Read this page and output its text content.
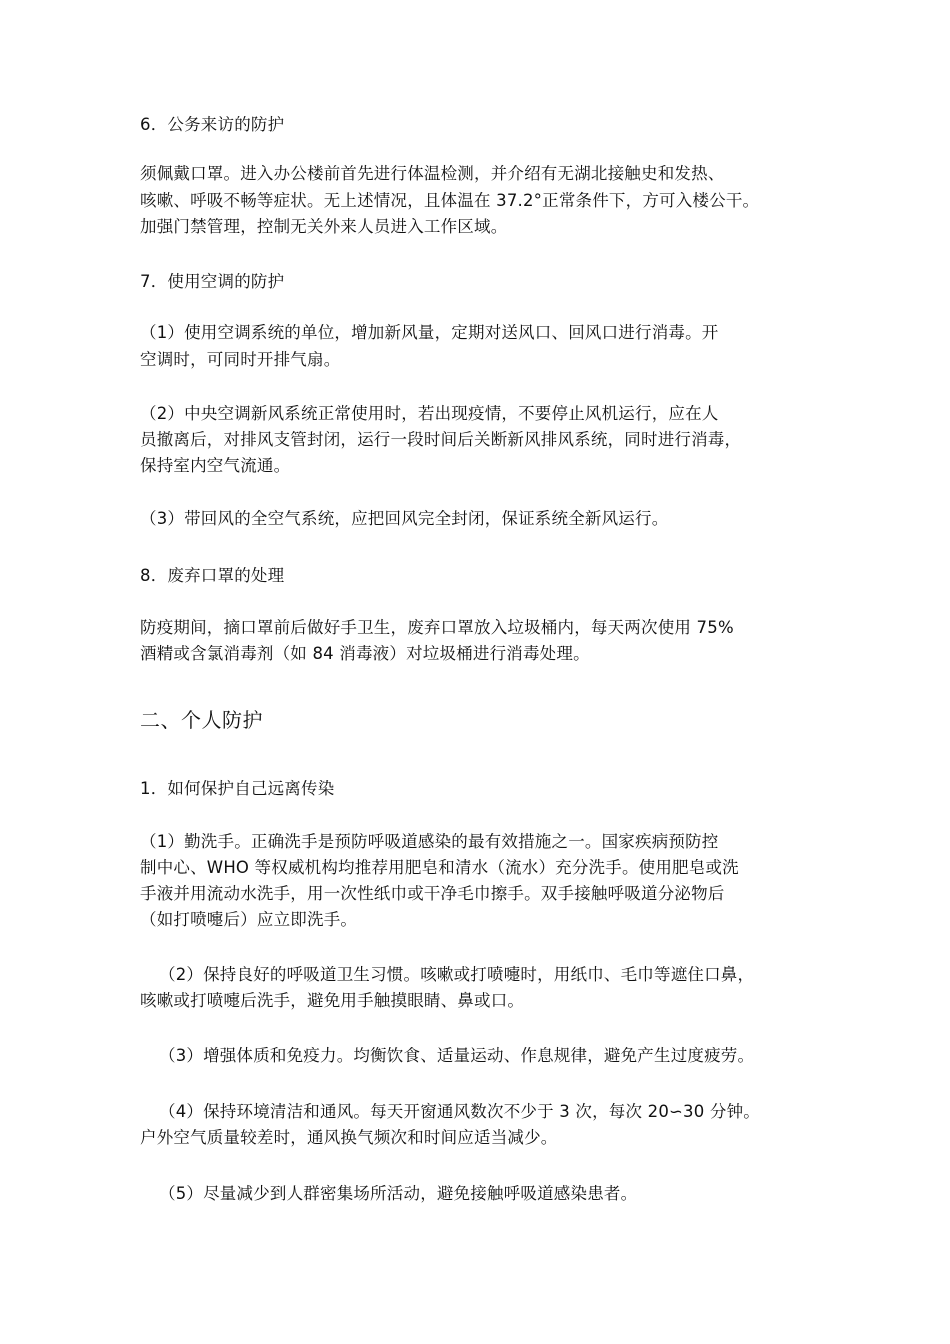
6．公务来访的防护
须佩戴口罩。进入办公楼前首先进行体温检测，并介绍有无湖北接触史和发热、
咳嗽、呼吸不畅等症状。无上述情况，且体温在 37.2°正常条件下，方可入楼公干。
加强门禁管理，控制无关外来人员进入工作区域。
7．使用空调的防护
（1）使用空调系统的单位，增加新风量，定期对送风口、回风口进行消毒。开
空调时，可同时开排气扇。
（2）中央空调新风系统正常使用时，若出现疫情，不要停止风机运行，应在人
员撤离后，对排风支管封闭，运行一段时间后关断新风排风系统，同时进行消毒，
保持室内空气流通。
（3）带回风的全空气系统，应把回风完全封闭，保证系统全新风运行。
8．废弃口罩的处理
防疫期间，摘口罩前后做好手卫生，废弃口罩放入垃圾桶内，每天两次使用 75%
酒精或含氯消毒剂（如 84 消毒液）对垃圾桶进行消毒处理。
二、个人防护
1．如何保护自己远离传染
（1）勤洗手。正确洗手是预防呼吸道感染的最有效措施之一。国家疾病预防控
制中心、WHO 等权威机构均推荐用肥皂和清水（流水）充分洗手。使用肥皂或洗
手液并用流动水洗手，用一次性纸巾或干净毛巾擦手。双手接触呼吸道分泌物后
（如打喷嚏后）应立即洗手。
（2）保持良好的呼吸道卫生习惯。咳嗽或打喷嚏时，用纸巾、毛巾等遮住口鼻，
咳嗽或打喷嚏后洗手，避免用手触摸眼睛、鼻或口。
（3）增强体质和免疫力。均衡饮食、适量运动、作息规律，避免产生过度疲劳。
（4）保持环境清洁和通风。每天开窗通风数次不少于 3 次，每次 20∽30 分钟。
户外空气质量较差时，通风换气频次和时间应适当减少。
（5）尽量减少到人群密集场所活动，避免接触呼吸道感染患者。
